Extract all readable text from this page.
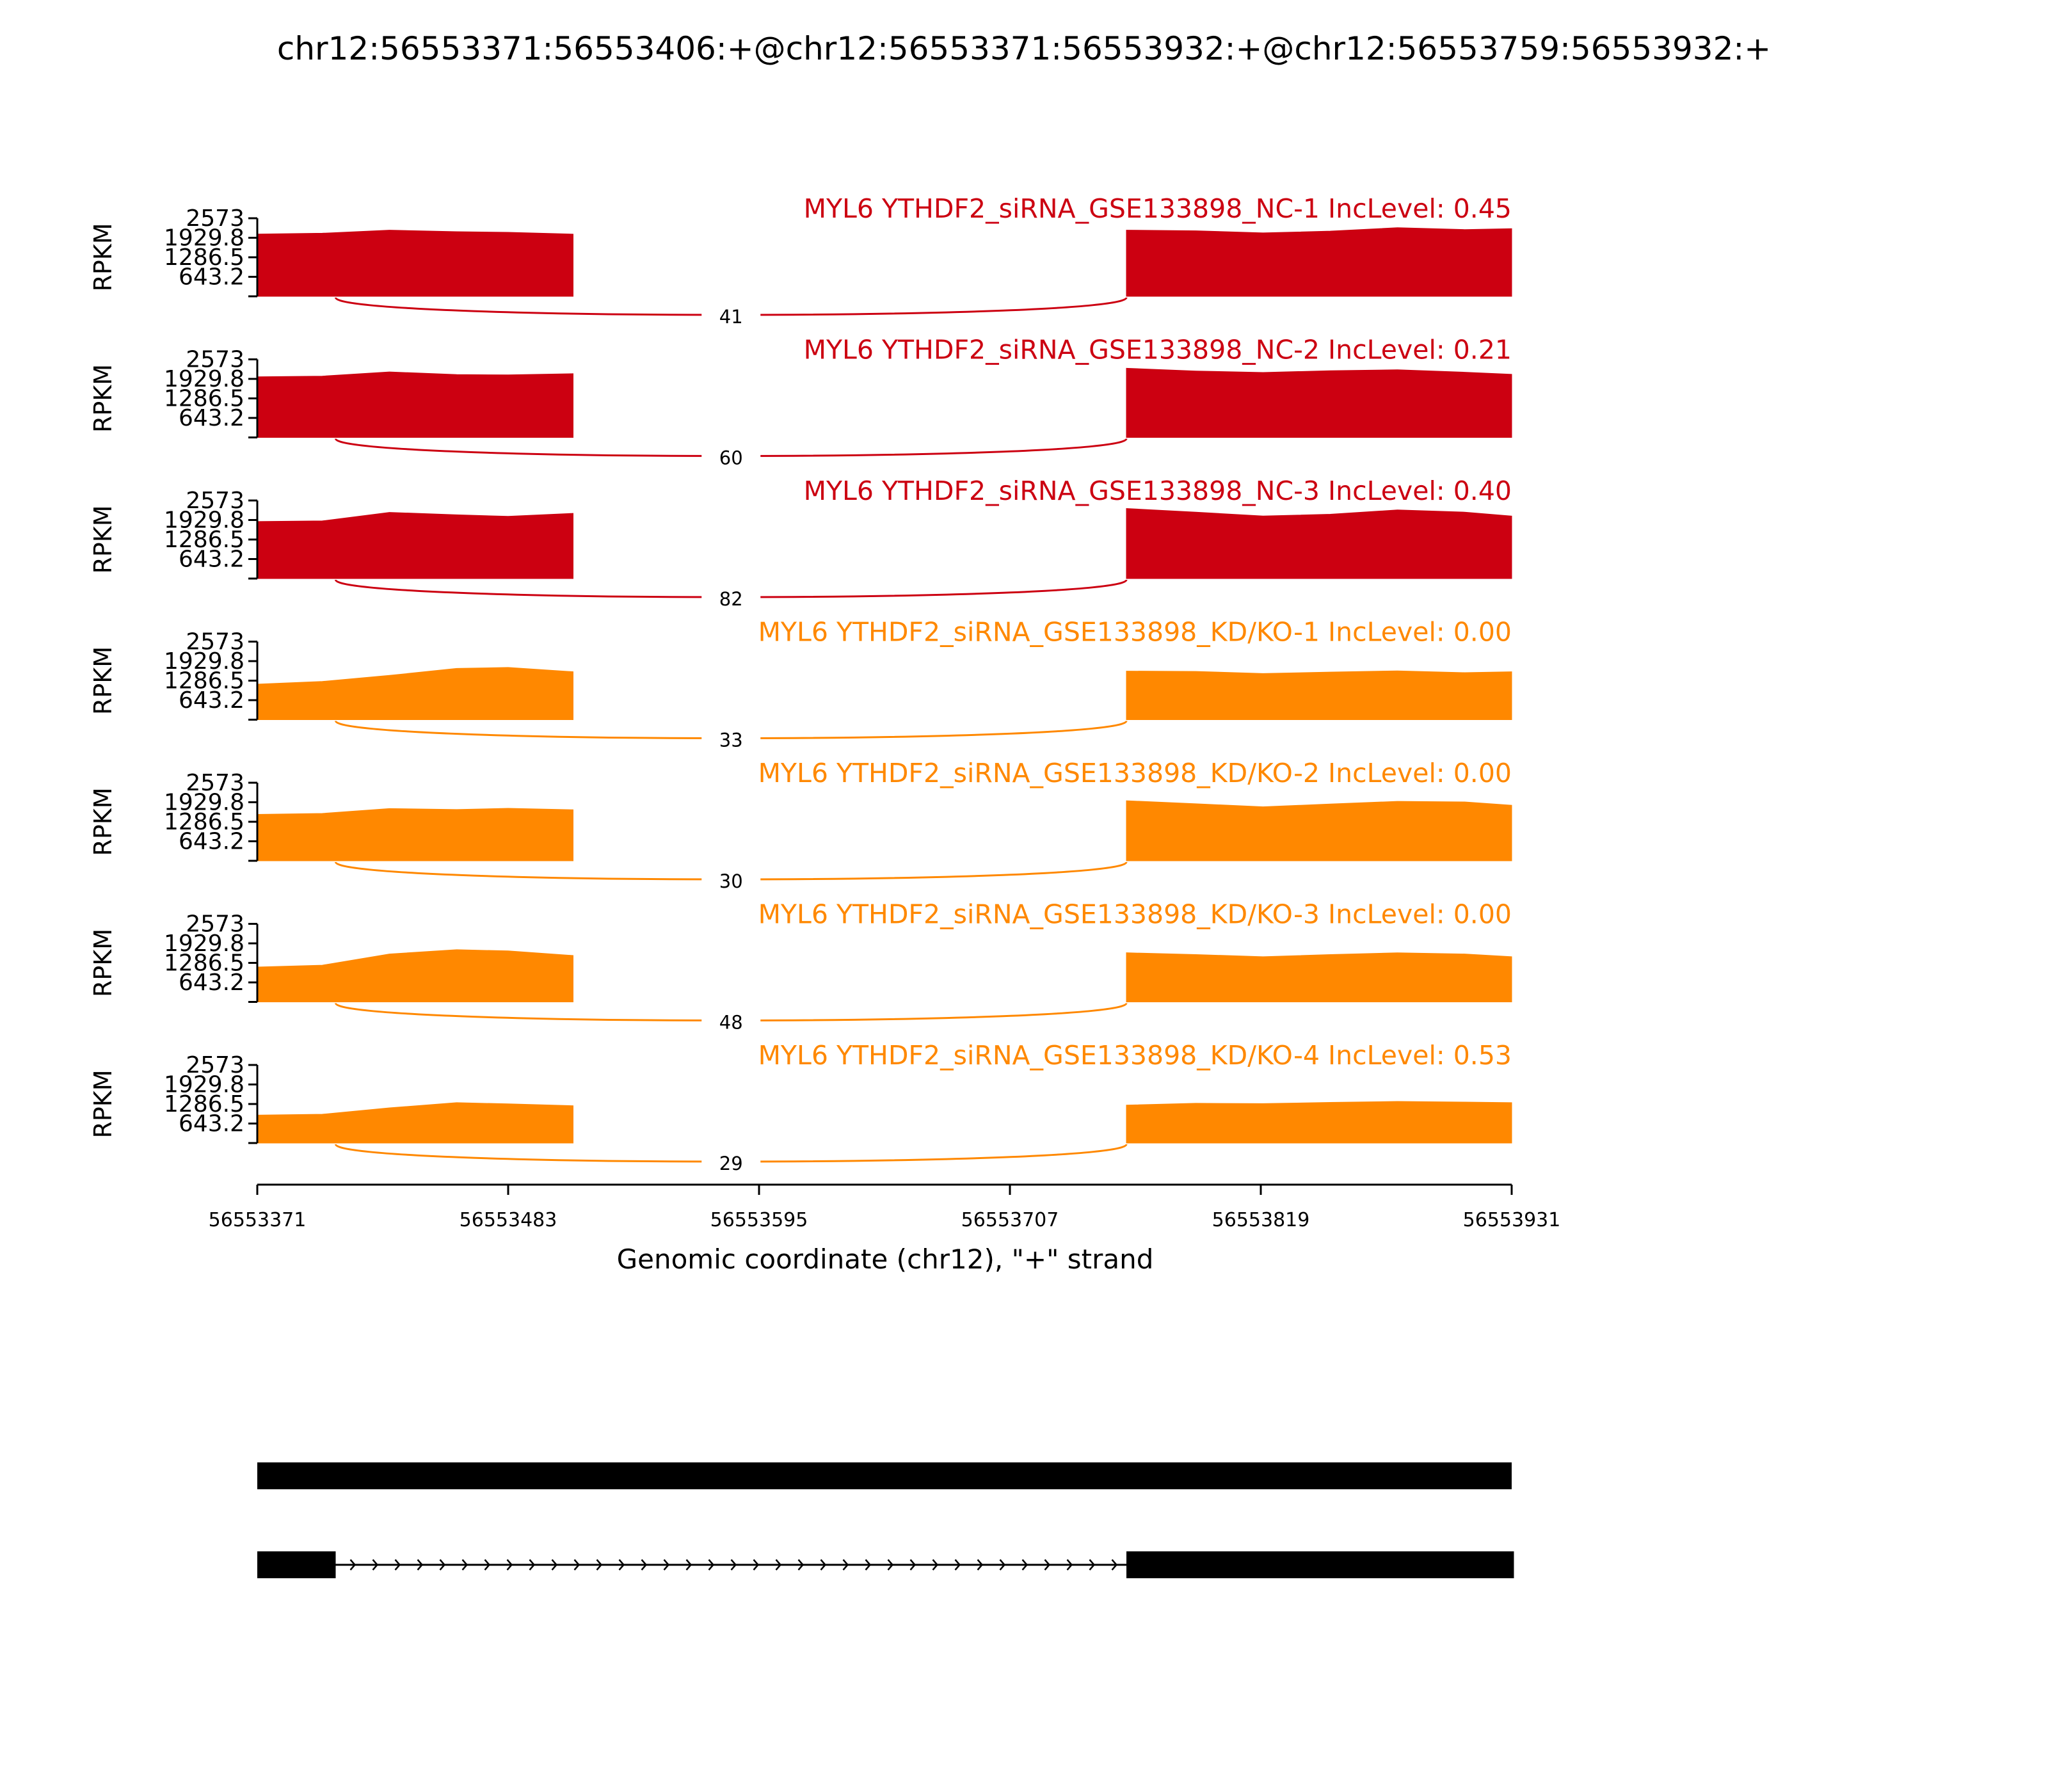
chr12:56553371:56553406:+@chr12:56553371:56553932:+@chr12:56553759:56553932:+
41
643.2
1286.5
1929.8
2573
RPKM
MYL6 YTHDF2_siRNA_GSE133898_NC-1 IncLevel: 0.45
60
643.2
1286.5
1929.8
2573
RPKM
MYL6 YTHDF2_siRNA_GSE133898_NC-2 IncLevel: 0.21
82
643.2
1286.5
1929.8
2573
RPKM
MYL6 YTHDF2_siRNA_GSE133898_NC-3 IncLevel: 0.40
33
643.2
1286.5
1929.8
2573
RPKM
MYL6 YTHDF2_siRNA_GSE133898_KD/KO-1 IncLevel: 0.00
30
643.2
1286.5
1929.8
2573
RPKM
MYL6 YTHDF2_siRNA_GSE133898_KD/KO-2 IncLevel: 0.00
48
643.2
1286.5
1929.8
2573
RPKM
MYL6 YTHDF2_siRNA_GSE133898_KD/KO-3 IncLevel: 0.00
29
643.2
1286.5
1929.8
2573
RPKM
MYL6 YTHDF2_siRNA_GSE133898_KD/KO-4 IncLevel: 0.53
56553371	56553483	56553595	56553707	56553819	56553931
Genomic coordinate (chr12), "+" strand
